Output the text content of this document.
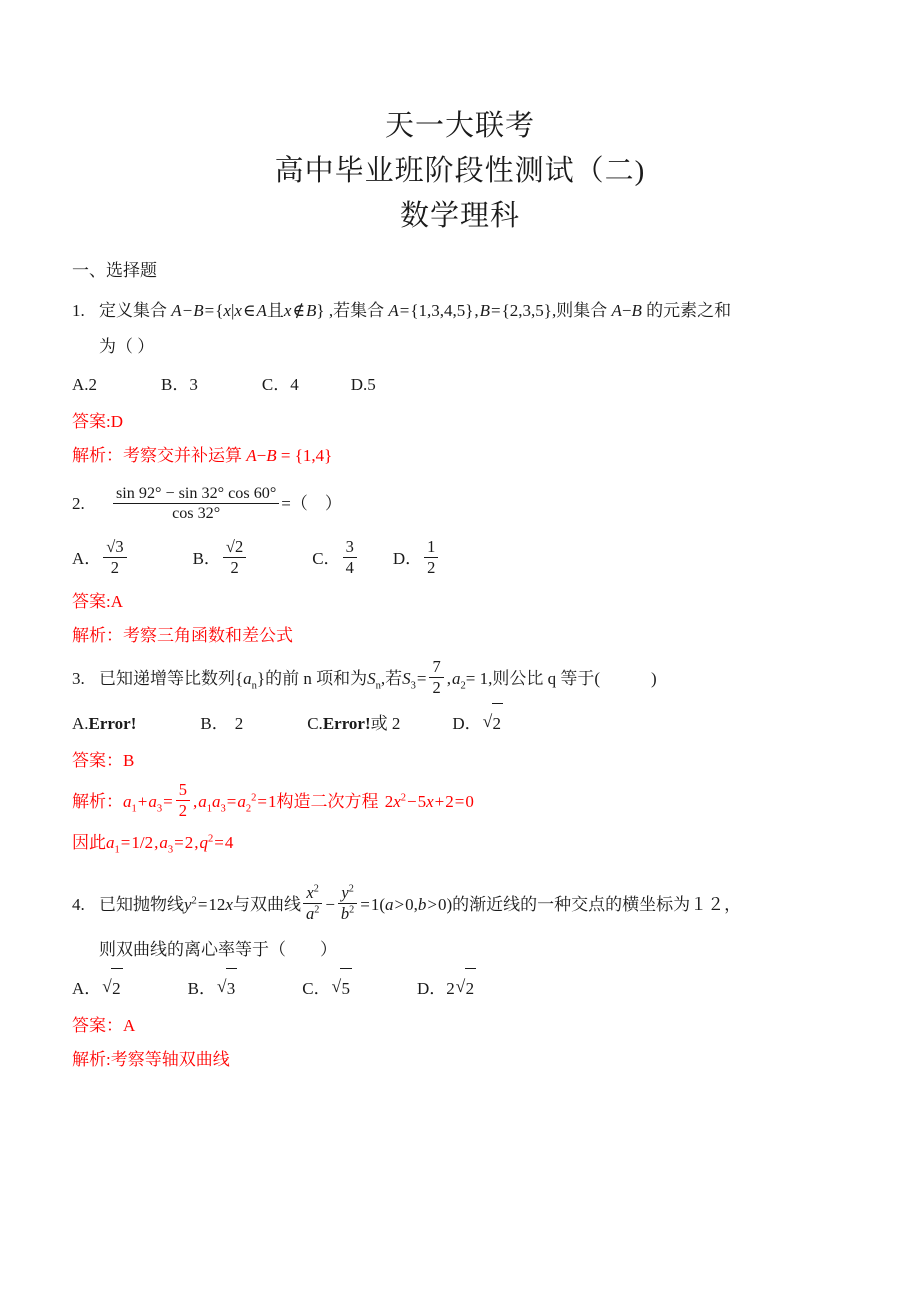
天一大联考
高中毕业班阶段性测试（二)
数学理科
一、选择题
1. 定义集合 A−B={x|x∈A且x∉B} ,若集合 A={1,3,4,5},B={2,3,5},则集合 A−B 的元素之和
为（ ）
A.2	B．3	C．4	D.5
答案:D
解析：考察交并补运算 A−B = {1,4}
2. $\frac{\sin 92^\circ - \sin 32^\circ \cos 60^\circ}{\cos 32^\circ}$ =（　）
A． $\frac{√3}{2}$	B． $\frac{√2}{2}$	C． $\frac{3}{4}$ D． $\frac{1}{2}$
答案:A
解析：考察三角函数和差公式
3. 已知递增等比数列$\{a_n\}$的前 n 项和为$S_n$,若$S_3= \frac{7}{2} ,a_2= 1$,则公比 q 等于(　　　)
A.Error!	B． 2	C.Error!或 2	D． √ 2
答案：B
解析：$a_1+a_3= \frac{5}{2} ,a_1a_3=a_2^2=1$构造二次方程 $2x^2-5x+2=0$
因此$a_1=1/2,a_3=2,q^2=4$
4. 已知抛物线$y^2=12x$与双曲线 $\frac{x^2}{a^2} - \frac{y^2}{b^2} =1(a>0,b>0)$的渐近线的一种交点的横坐标为１２，
则双曲线的离心率等于（　　）
A． √ 2	B． √ 3	C． √ 5	D．2 √ 2
答案：A
解析:考察等轴双曲线
